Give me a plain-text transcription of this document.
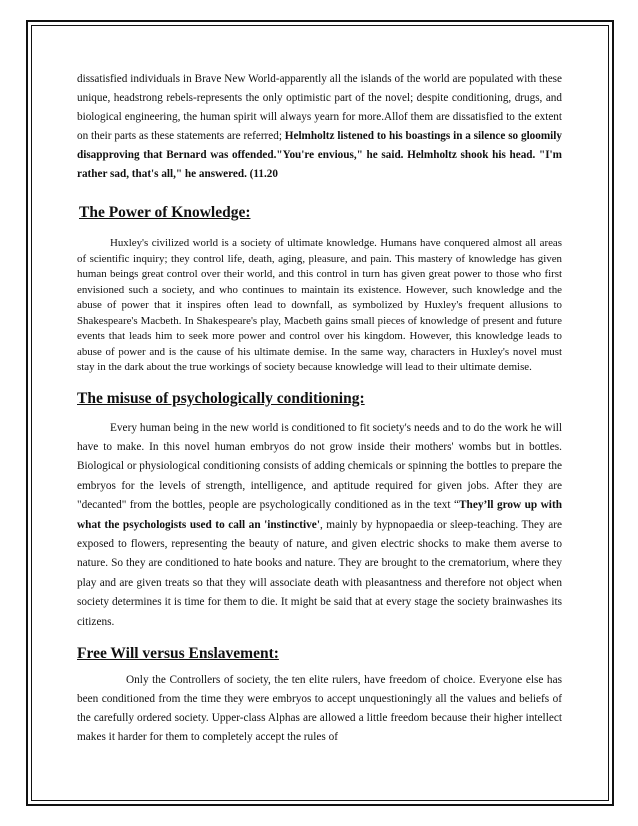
dissatisfied individuals in Brave New World-apparently all the islands of the world are populated with these unique, headstrong rebels-represents the only optimistic part of the novel; despite conditioning, drugs, and biological engineering, the human spirit will always yearn for more.Allof them are dissatisfied to the extent on their parts as these statements are referred; Helmholtz listened to his boastings in a silence so gloomily disapproving that Bernard was offended."You're envious," he said. Helmholtz shook his head. "I'm rather sad, that's all," he answered. (11.20

The Power of Knowledge:

Huxley's civilized world is a society of ultimate knowledge. Humans have conquered almost all areas of scientific inquiry; they control life, death, aging, pleasure, and pain. This mastery of knowledge has given human beings great control over their world, and this control in turn has given great power to those who first envisioned such a society, and who continues to maintain its existence. However, such knowledge and the abuse of power that it inspires often lead to downfall, as symbolized by Huxley's frequent allusions to Shakespeare's Macbeth. In Shakespeare's play, Macbeth gains small pieces of knowledge of present and future events that leads him to seek more power and control over his kingdom. However, this knowledge leads to abuse of power and is the cause of his ultimate demise. In the same way, characters in Huxley's novel must stay in the dark about the true workings of society because knowledge will lead to their ultimate demise.

The misuse of psychologically conditioning:

Every human being in the new world is conditioned to fit society's needs and to do the work he will have to make. In this novel human embryos do not grow inside their mothers' wombs but in bottles. Biological or physiological conditioning consists of adding chemicals or spinning the bottles to prepare the embryos for the levels of strength, intelligence, and aptitude required for given jobs. After they are "decanted" from the bottles, people are psychologically conditioned as in the text “They’ll grow up with what the psychologists used to call an 'instinctive', mainly by hypnopaedia or sleep-teaching. They are exposed to flowers, representing the beauty of nature, and given electric shocks to make them averse to nature. So they are conditioned to hate books and nature. They are brought to the crematorium, where they play and are given treats so that they will associate death with pleasantness and therefore not object when society determines it is time for them to die. It might be said that at every stage the society brainwashes its citizens.

Free Will versus Enslavement:

Only the Controllers of society, the ten elite rulers, have freedom of choice. Everyone else has been conditioned from the time they were embryos to accept unquestioningly all the values and beliefs of the carefully ordered society. Upper-class Alphas are allowed a little freedom because their higher intellect makes it harder for them to completely accept the rules of
